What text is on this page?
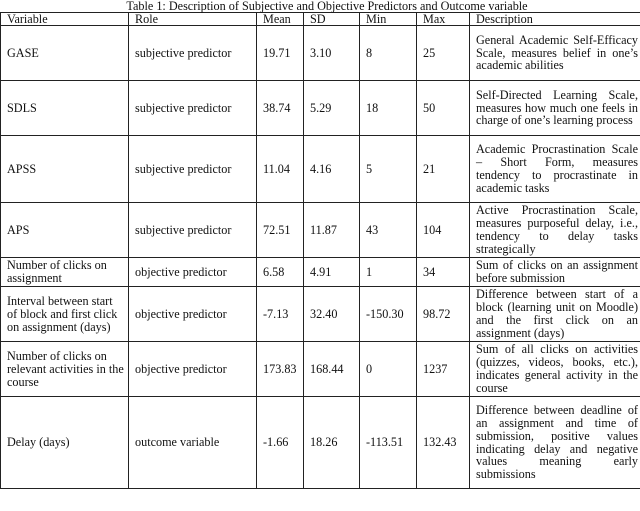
Table 1: Description of Subjective and Objective Predictors and Outcome variable
Variable	Role	Mean	SD	Min	Max	Description
GASE	subjective predictor	19.71	3.10	8	25	General Academic Self-Efficacy Scale, measures belief in one’s academic abilities
SDLS	subjective predictor	38.74	5.29	18	50	Self-Directed Learning Scale, measures how much one feels in charge of one’s learning process
APSS	subjective predictor	11.04	4.16	5	21	Academic Procrastination Scale – Short Form, measures tendency to procrastinate in academic tasks
APS	subjective predictor	72.51	11.87	43	104	Active Procrastination Scale, measures purposeful delay, i.e., tendency to delay tasks strategically
Number of clicks on assignment	objective predictor	6.58	4.91	1	34	Sum of clicks on an assignment before submission
Interval between start of block and first click on assignment (days)	objective predictor	-7.13	32.40	-150.30	98.72	Difference between start of a block (learning unit on Moodle) and the first click on an assignment (days)
Number of clicks on relevant activities in the course	objective predictor	173.83	168.44	0	1237	Sum of all clicks on activities (quizzes, videos, books, etc.), indicates general activity in the course
Delay (days)	outcome variable	-1.66	18.26	-113.51	132.43	Difference between deadline of an assignment and time of submission, positive values indicating delay and negative values meaning early submissions
